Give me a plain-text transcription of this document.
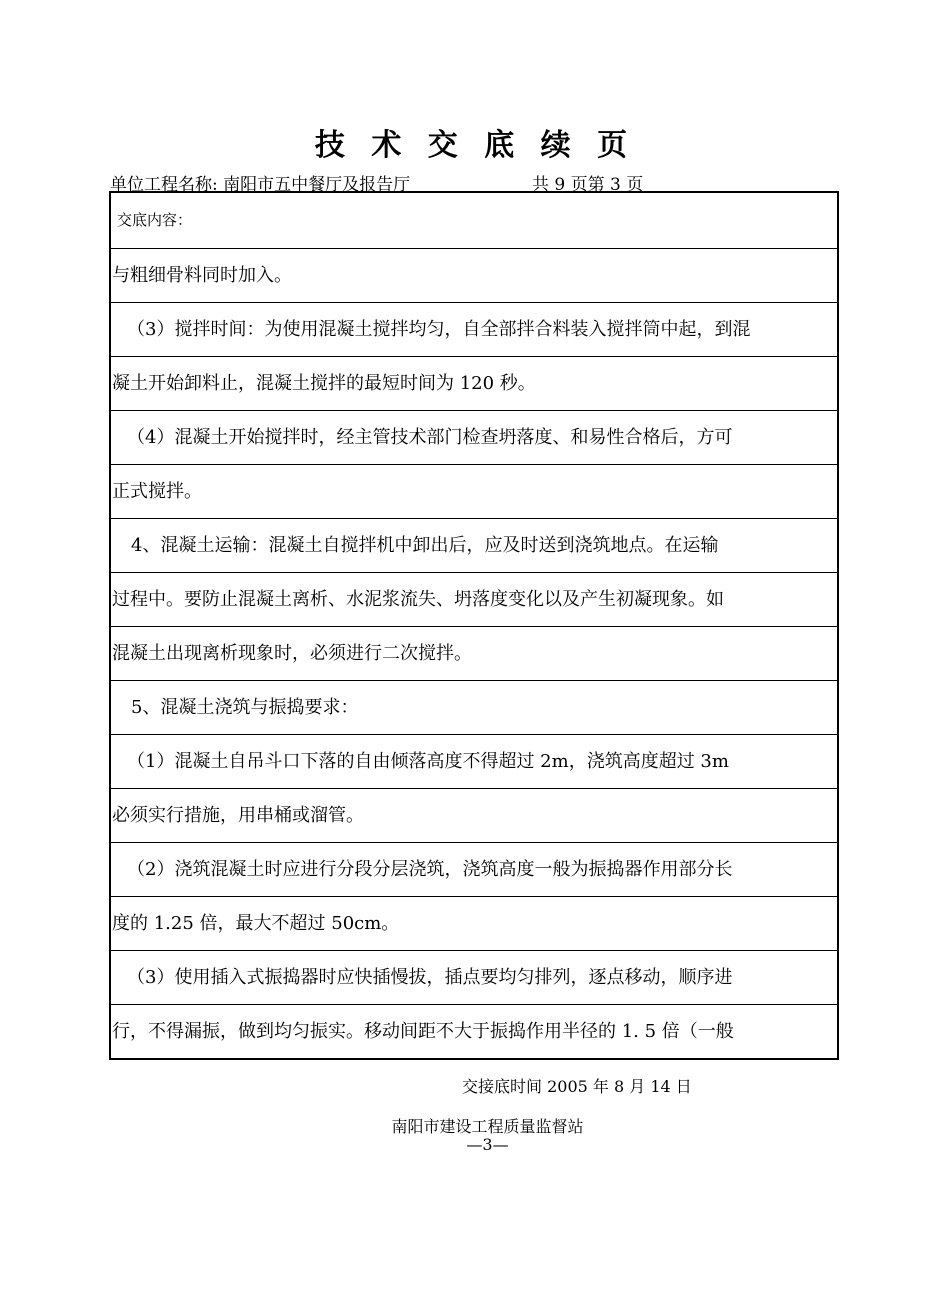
技 术 交 底 续 页
单位工程名称: 南阳市五中餐厅及报告厅	共 9 页第 3 页
交底内容：
与粗细骨料同时加入。
（3）搅拌时间：为使用混凝土搅拌均匀，自全部拌合料装入搅拌筒中起，到混
凝土开始卸料止，混凝土搅拌的最短时间为 120 秒。
（4）混凝土开始搅拌时，经主管技术部门检查坍落度、和易性合格后，方可
正式搅拌。
4、混凝土运输：混凝土自搅拌机中卸出后，应及时送到浇筑地点。在运输
过程中。要防止混凝土离析、水泥浆流失、坍落度变化以及产生初凝现象。如
混凝土出现离析现象时，必须进行二次搅拌。
5、混凝土浇筑与振捣要求：
（1）混凝土自吊斗口下落的自由倾落高度不得超过 2m，浇筑高度超过 3m
必须实行措施，用串桶或溜管。
（2）浇筑混凝土时应进行分段分层浇筑，浇筑高度一般为振捣器作用部分长
度的 1.25 倍，最大不超过 50cm。
（3）使用插入式振捣器时应快插慢拔，插点要均匀排列，逐点移动，顺序进
行，不得漏振，做到均匀振实。移动间距不大于振捣作用半径的 1. 5 倍（一般
交接底时间 2005 年 8 月 14 日
南阳市建设工程质量监督站
—3—
